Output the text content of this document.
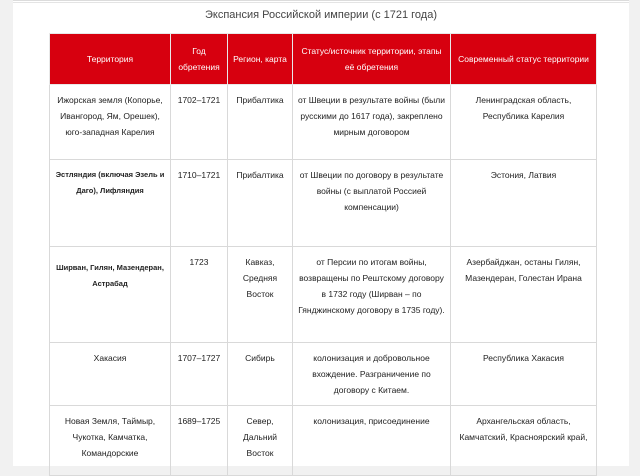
Экспансия Российской империи (с 1721 года)
Территория	Год обретения	Регион, карта	Статус/источник территории, этапы её обретения	Современный статус территории
Ижорская земля (Копорье, Ивангород, Ям, Орешек), юго-западная Карелия	1702–1721	Прибалтика	от Швеции в результате войны (были русскими до 1617 года), закреплено мирным договором	Ленинградская область, Республика Карелия
Эстляндия (включая Эзель и Даго), Лифляндия	1710–1721	Прибалтика	от Швеции по договору в результате войны (с выплатой Россией компенсации)	Эстония, Латвия
Ширван, Гилян, Мазендеран, Астрабад	1723	Кавказ, Средняя Восток	от Персии по итогам войны, возвращены по Рештскому договору в 1732 году (Ширван – по Гянджинскому договору в 1735 году).	Азербайджан, останы Гилян, Мазендеран, Голестан Ирана
Хакасия	1707–1727	Сибирь	колонизация и добровольное вхождение. Разграничение по договору с Китаем.	Республика Хакасия
Новая Земля, Таймыр, Чукотка, Камчатка, Командорские	1689–1725	Север, Дальний Восток	колонизация, присоединение	Архангельская область, Камчатский, Красноярский край,
